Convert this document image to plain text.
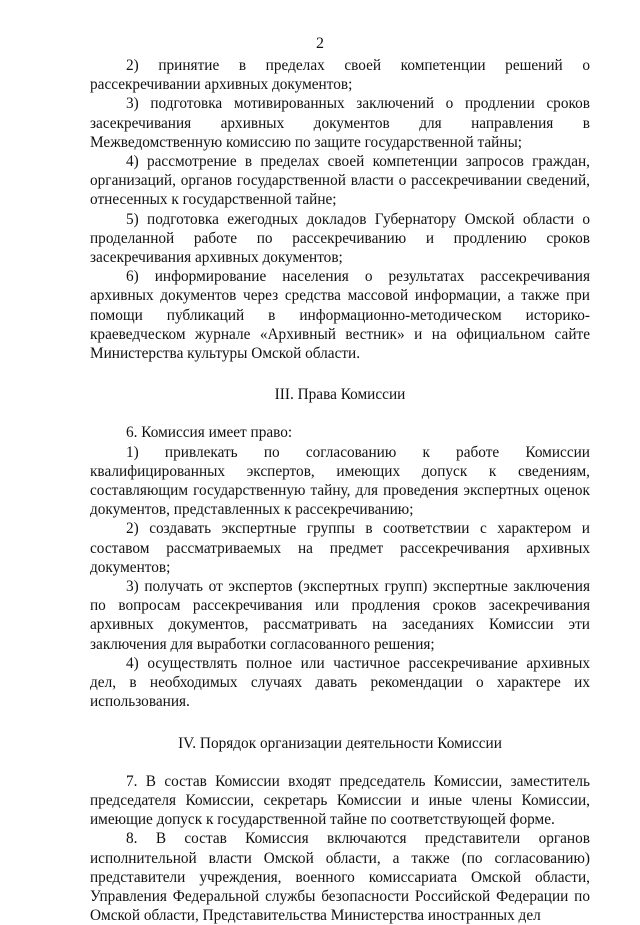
2

2) принятие в пределах своей компетенции решений о рассекречивании архивных документов;

3) подготовка мотивированных заключений о продлении сроков засекречивания архивных документов для направления в Межведомственную комиссию по защите государственной тайны;

4) рассмотрение в пределах своей компетенции запросов граждан, организаций, органов государственной власти о рассекречивании сведений, отнесенных к государственной тайне;

5) подготовка ежегодных докладов Губернатору Омской области о проделанной работе по рассекречиванию и продлению сроков засекречивания архивных документов;

6) информирование населения о результатах рассекречивания архивных документов через средства массовой информации, а также при помощи публикаций в информационно-методическом историко-краеведческом журнале «Архивный вестник» и на официальном сайте Министерства культуры Омской области.

III. Права Комиссии

6. Комиссия имеет право:

1) привлекать по согласованию к работе Комиссии квалифицированных экспертов, имеющих допуск к сведениям, составляющим государственную тайну, для проведения экспертных оценок документов, представленных к рассекречиванию;

2) создавать экспертные группы в соответствии с характером и составом рассматриваемых на предмет рассекречивания архивных документов;

3) получать от экспертов (экспертных групп) экспертные заключения по вопросам рассекречивания или продления сроков засекречивания архивных документов, рассматривать на заседаниях Комиссии эти заключения для выработки согласованного решения;

4) осуществлять полное или частичное рассекречивание архивных дел, в необходимых случаях давать рекомендации о характере их использования.

IV. Порядок организации деятельности Комиссии

7. В состав Комиссии входят председатель Комиссии, заместитель председателя Комиссии, секретарь Комиссии и иные члены Комиссии, имеющие допуск к государственной тайне по соответствующей форме.

8. В состав Комиссия включаются представители органов исполнительной власти Омской области, а также (по согласованию) представители учреждения, военного комиссариата Омской области, Управления Федеральной службы безопасности Российской Федерации по Омской области, Представительства Министерства иностранных дел
